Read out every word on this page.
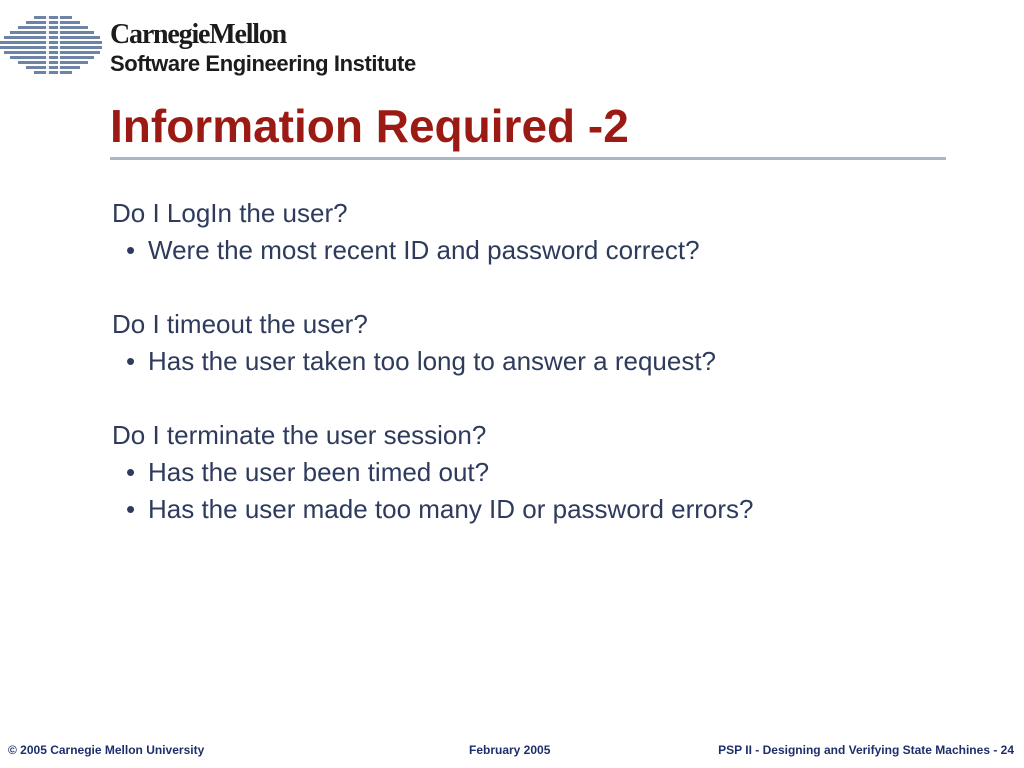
CarnegieMellon
Software Engineering Institute
Information Required -2
Do I LogIn the user?
• Were the most recent ID and password correct?
Do I timeout the user?
• Has the user taken too long to answer a request?
Do I terminate the user session?
• Has the user been timed out?
• Has the user made too many ID or password errors?
© 2005 Carnegie Mellon University	February 2005	PSP II - Designing and Verifying State Machines - 24
